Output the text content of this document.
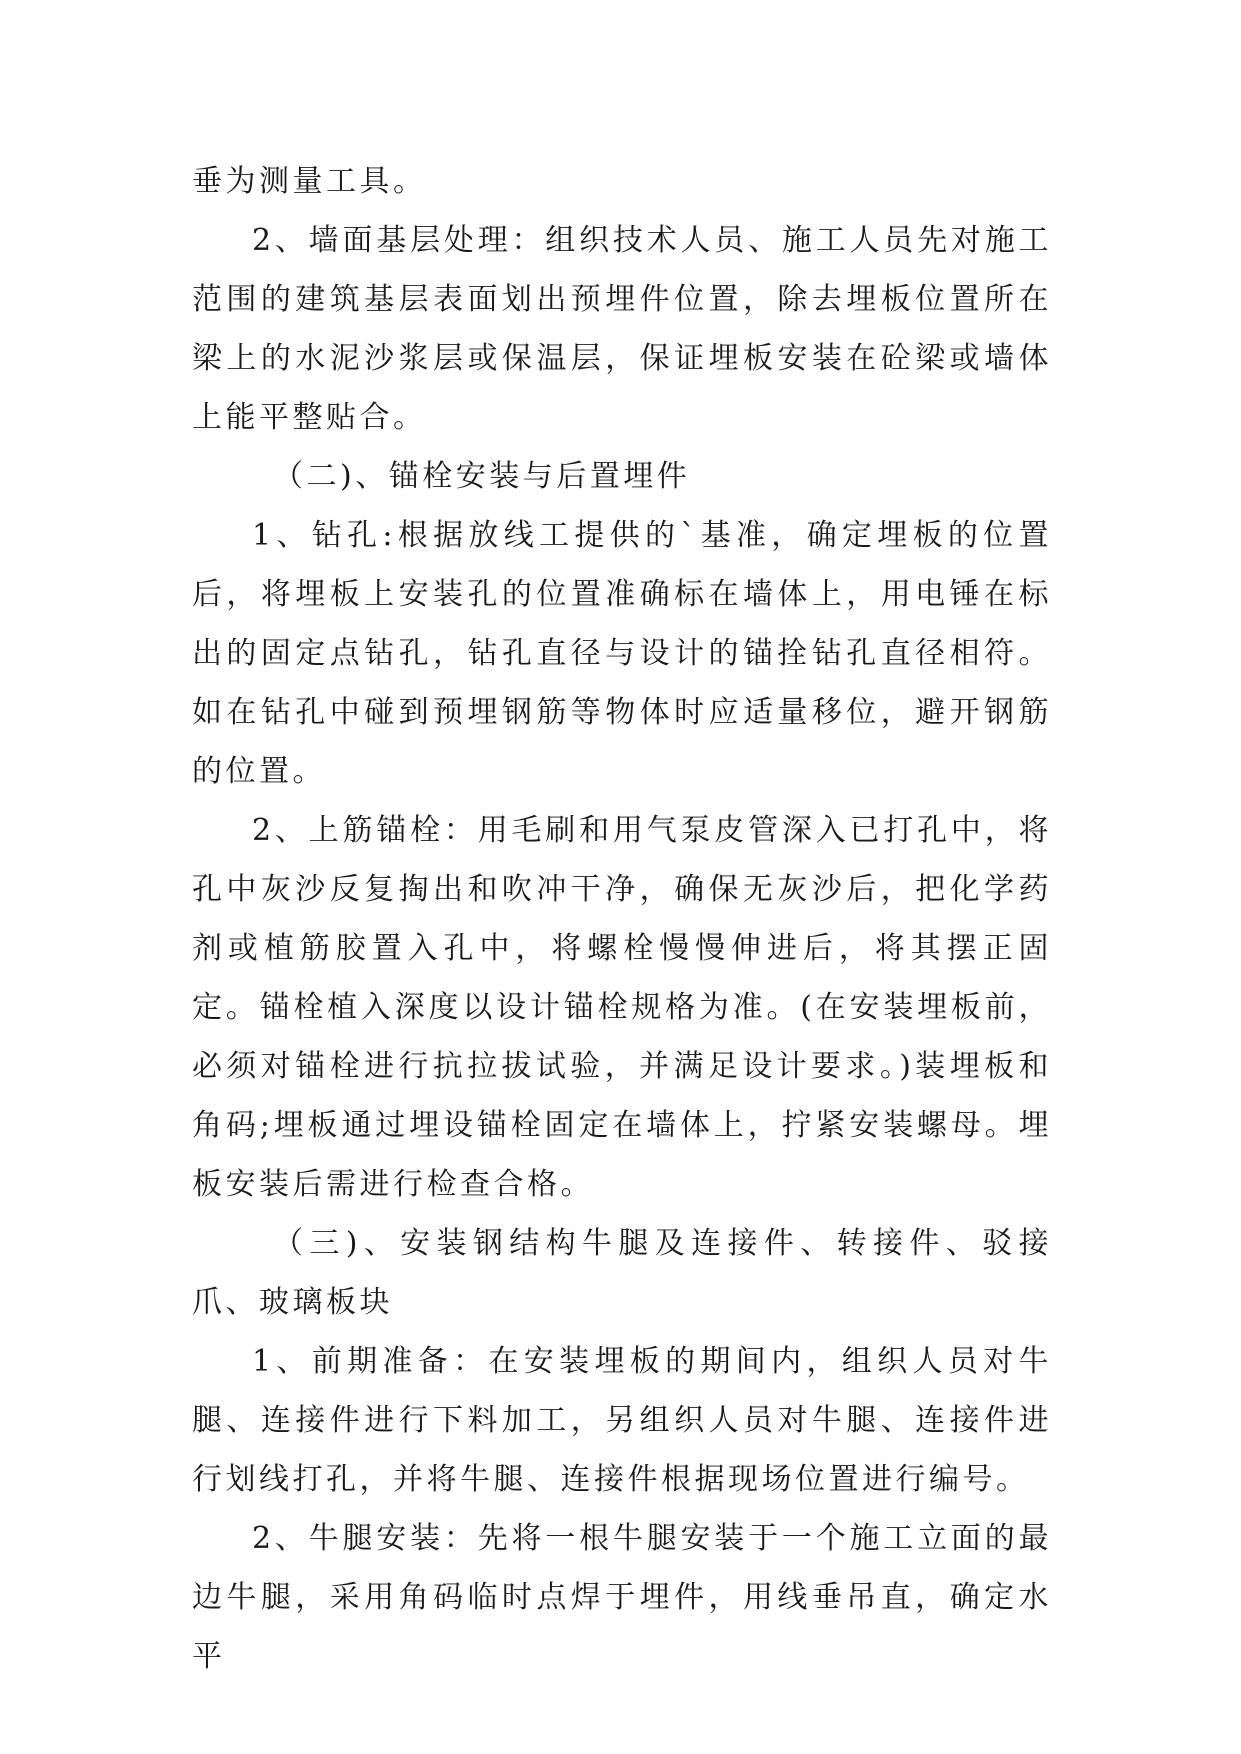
垂为测量工具。

2、墙面基层处理：组织技术人员、施工人员先对施工范围的建筑基层表面划出预埋件位置，除去埋板位置所在梁上的水泥沙浆层或保温层，保证埋板安装在砼梁或墙体上能平整贴合。

（二)、锚栓安装与后置埋件

1、钻孔:根据放线工提供的`基准，确定埋板的位置后，将埋板上安装孔的位置准确标在墙体上，用电锤在标出的固定点钻孔，钻孔直径与设计的锚拴钻孔直径相符。如在钻孔中碰到预埋钢筋等物体时应适量移位，避开钢筋的位置。

2、上筋锚栓：用毛刷和用气泵皮管深入已打孔中，将孔中灰沙反复掏出和吹冲干净，确保无灰沙后，把化学药剂或植筋胶置入孔中，将螺栓慢慢伸进后，将其摆正固定。锚栓植入深度以设计锚栓规格为准。(在安装埋板前，必须对锚栓进行抗拉拔试验，并满足设计要求。)装埋板和角码;埋板通过埋设锚栓固定在墙体上，拧紧安装螺母。埋板安装后需进行检查合格。

（三)、安装钢结构牛腿及连接件、转接件、驳接爪、玻璃板块

1、前期准备：在安装埋板的期间内，组织人员对牛腿、连接件进行下料加工，另组织人员对牛腿、连接件进行划线打孔，并将牛腿、连接件根据现场位置进行编号。

2、牛腿安装：先将一根牛腿安装于一个施工立面的最边牛腿，采用角码临时点焊于埋件，用线垂吊直，确定水平
